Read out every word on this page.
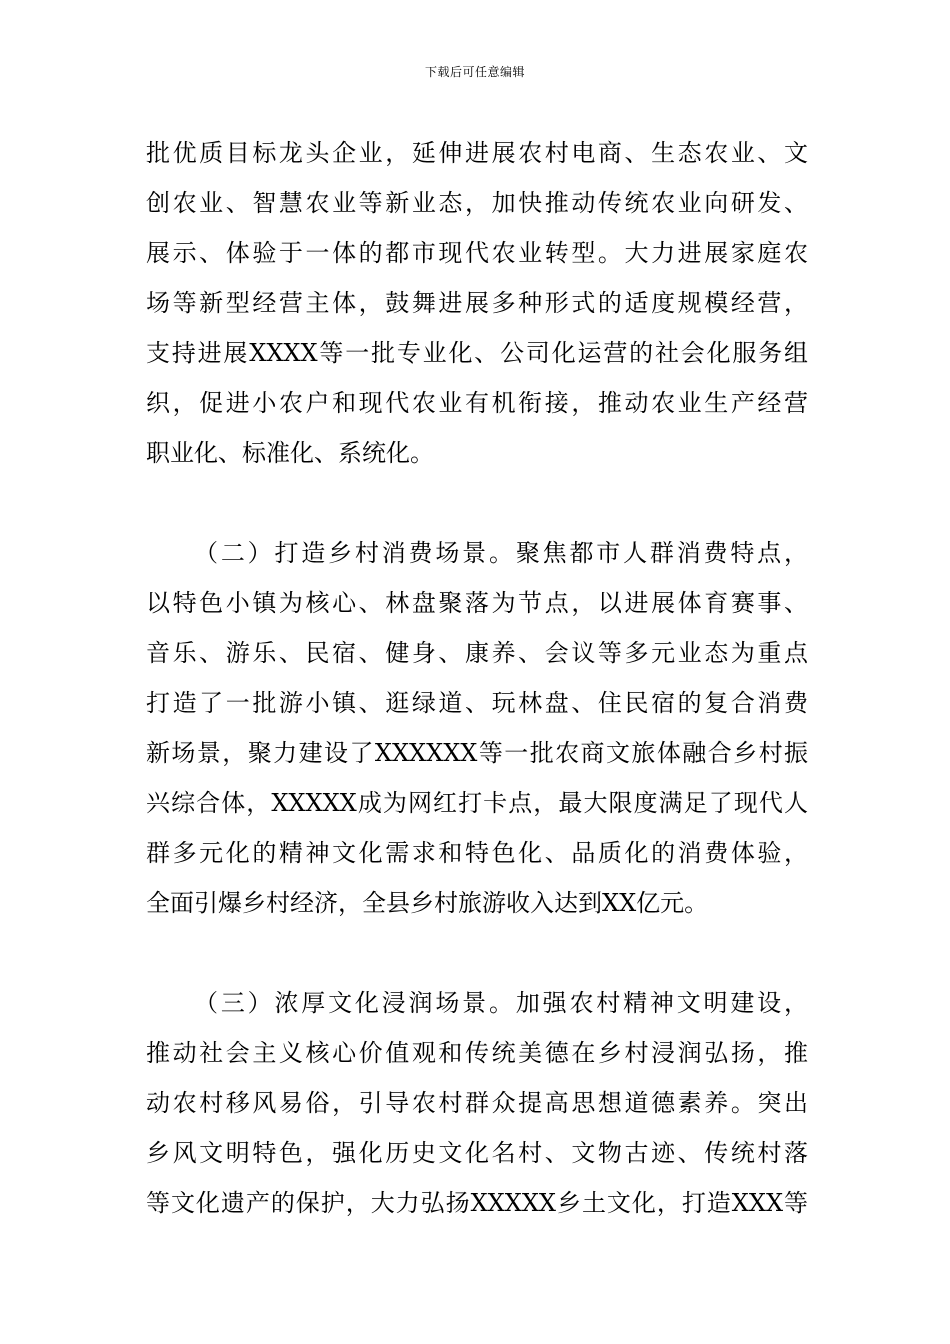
下载后可任意编辑
批优质目标龙头企业，延伸进展农村电商、生态农业、文
创农业、智慧农业等新业态，加快推动传统农业向研发、
展示、体验于一体的都市现代农业转型。大力进展家庭农
场等新型经营主体，鼓舞进展多种形式的适度规模经营，
支持进展XXXX等一批专业化、公司化运营的社会化服务组
织，促进小农户和现代农业有机衔接，推动农业生产经营
职业化、标准化、系统化。
（二）打造乡村消费场景。聚焦都市人群消费特点，
以特色小镇为核心、林盘聚落为节点，以进展体育赛事、
音乐、游乐、民宿、健身、康养、会议等多元业态为重点
打造了一批游小镇、逛绿道、玩林盘、住民宿的复合消费
新场景，聚力建设了XXXXXX等一批农商文旅体融合乡村振
兴综合体，XXXXX成为网红打卡点，最大限度满足了现代人
群多元化的精神文化需求和特色化、品质化的消费体验，
全面引爆乡村经济，全县乡村旅游收入达到XX亿元。
（三）浓厚文化浸润场景。加强农村精神文明建设，
推动社会主义核心价值观和传统美德在乡村浸润弘扬，推
动农村移风易俗，引导农村群众提高思想道德素养。突出
乡风文明特色，强化历史文化名村、文物古迹、传统村落
等文化遗产的保护，大力弘扬XXXXX乡土文化，打造XXX等
